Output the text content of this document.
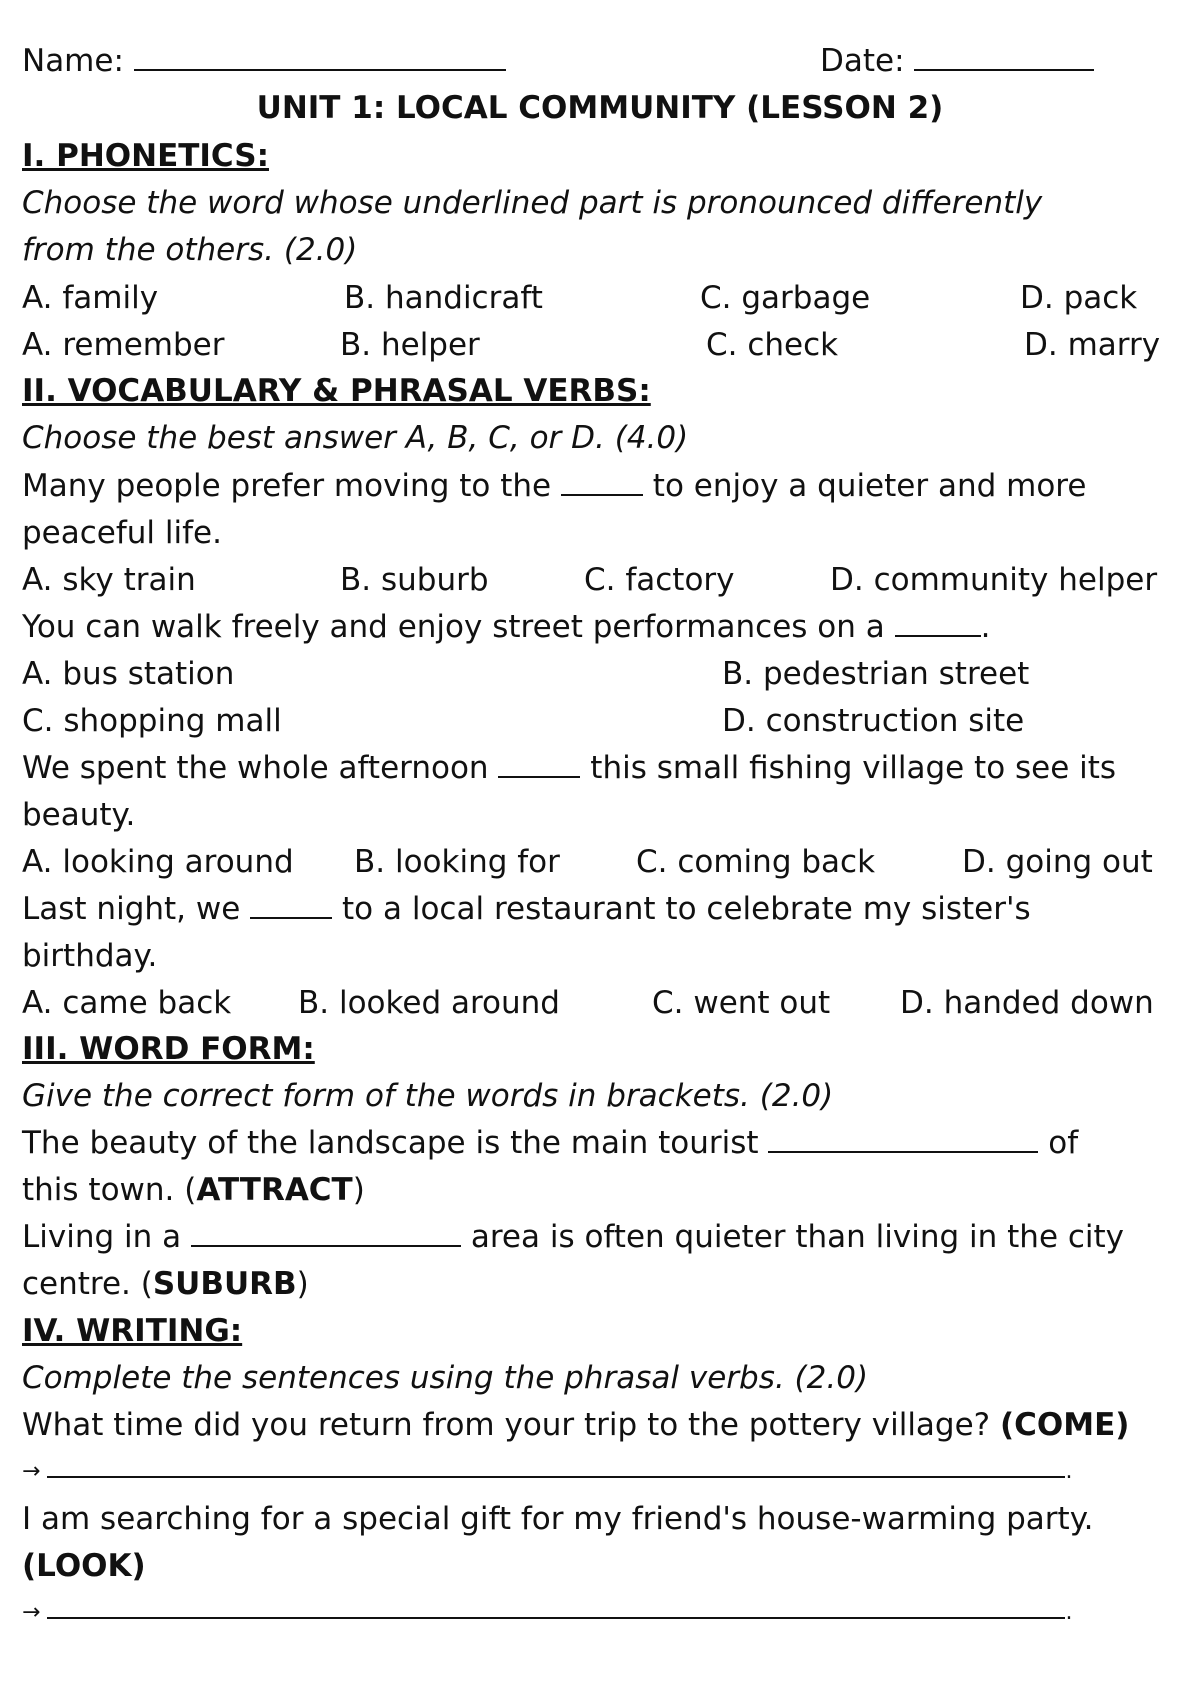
Name:	Date:
UNIT 1: LOCAL COMMUNITY (LESSON 2)
I. PHONETICS:
Choose the word whose underlined part is pronounced differently
from the others. (2.0)
A. family	B. handicraft	C. garbage	D. pack
A. remember	B. helper	C. check	D. marry
II. VOCABULARY & PHRASAL VERBS:
Choose the best answer A, B, C, or D. (4.0)
Many people prefer moving to the	to enjoy a quieter and more
peaceful life.
A. sky train	B. suburb	C. factory	D. community helper
You can walk freely and enjoy street performances on a	.
A. bus station	B. pedestrian street
C. shopping mall	D. construction site
We spent the whole afternoon	this small fishing village to see its
beauty.
A. looking around B. looking for C. coming back	D. going out
Last night, we	to a local restaurant to celebrate my sister's
birthday.
A. came back B. looked around	C. went out D. handed down
III. WORD FORM:
Give the correct form of the words in brackets. (2.0)
The beauty of the landscape is the main tourist	of
this town. (ATTRACT)
Living in a	area is often quieter than living in the city
centre. (SUBURB)
IV. WRITING:
Complete the sentences using the phrasal verbs. (2.0)
What time did you return from your trip to the pottery village? (COME)
→	.
I am searching for a special gift for my friend's house-warming party.
(LOOK)
→	.
